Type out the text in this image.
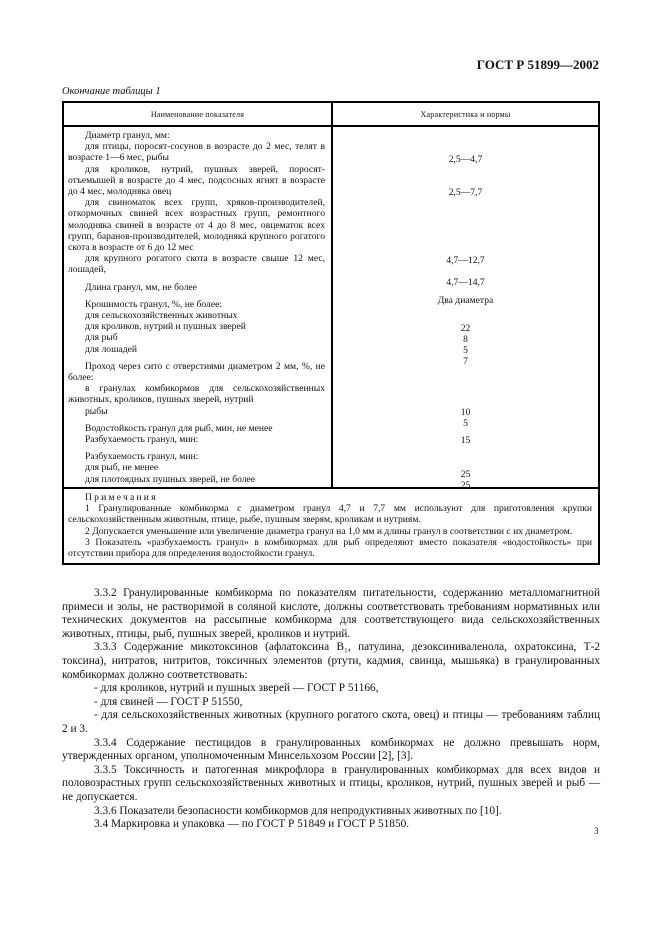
ГОСТ Р 51899—2002
Окончание таблицы 1
Наименование показателя	Характеристика и нормы

Диаметр гранул, мм:

для птицы, поросят-сосунов в возрасте до 2 мес, телят в возрасте 1—6 мес, рыбы

для кроликов, нутрий, пушных зверей, поросят-отъемышей в возрасте до 4 мес, подсосных ягнят в возрасте до 4 мес, молодняка овец

для свиноматок всех групп, хряков-производителей, откормочных свиней всех возрастных групп, ремонтного молодняка свиней в возрасте от 4 до 8 мес, овцематок всех групп, баранов-производителей, молодняка крупного рогатого скота в возрасте от 6 до 12 мес

для крупного рогатого скота в возрасте свыше 12 мес, лошадей,

Длина гранул, мм, не более

Крошимость гранул, %, не более:

для сельскохозяйственных животных

для кроликов, нутрий и пушных зверей

для рыб

для лошадей

Проход через сито с отверстиями диаметром 2 мм, %, не более:

в гранулах комбикормов для сельскохозяйственных животных, кроликов, пушных зверей, нутрий

рыбы

Водостойкость гранул для рыб, мин, не менее

Разбухаемость гранул, мин:

Разбухаемость гранул, мин:

для рыб, не менее

для плотоядных пушных зверей, не более

2,5—4,7
2,5—7,7
4,7—12,7
4,7—14,7
Два диаметра
22
8
5
7
10
5
15
25
25

Примечания

1 Гранулированные комбикорма с диаметром гранул 4,7 и 7,7 мм используют для приготовления крупки сельскохозяйственным животным, птице, рыбе, пушным зверям, кроликам и нутриям.

2 Допускается уменьшение или увеличение диаметра гранул на 1,0 мм и длины гранул в соответствии с их диаметром.

3 Показатель «разбухаемость гранул» в комбикормах для рыб определяют вместо показателя «водостойкость» при отсутствии прибора для определения водостойкости гранул.

3.3.2 Гранулированные комбикорма по показателям питательности, содержанию металломагнитной примеси и золы, не растворимой в соляной кислоте, должны соответствовать требованиям нормативных или технических документов на рассыпные комбикорма для соответствующего вида сельскохозяйственных животных, птицы, рыб, пушных зверей, кроликов и нутрий.

3.3.3 Содержание микотоксинов (афлатоксина B₁, патулина, дезоксиниваленола, охратоксина, Т-2 токсина), нитратов, нитритов, токсичных элементов (ртути, кадмия, свинца, мышьяка) в гранулированных комбикормах должно соответствовать:

- для кроликов, нутрий и пушных зверей — ГОСТ Р 51166,

- для свиней — ГОСТ Р 51550,

- для сельскохозяйственных животных (крупного рогатого скота, овец) и птицы — требованиям таблиц 2 и 3.

3.3.4 Содержание пестицидов в гранулированных комбикормах не должно превышать норм, утвержденных органом, уполномоченным Минсельхозом России [2], [3].

3.3.5 Токсичность и патогенная микрофлора в гранулированных комбикормах для всех видов и половозрастных групп сельскохозяйственных животных и птицы, кроликов, нутрий, пушных зверей и рыб — не допускается.

3.3.6 Показатели безопасности комбикормов для непродуктивных животных по [10].

3.4 Маркировка и упаковка — по ГОСТ Р 51849 и ГОСТ Р 51850.

3
